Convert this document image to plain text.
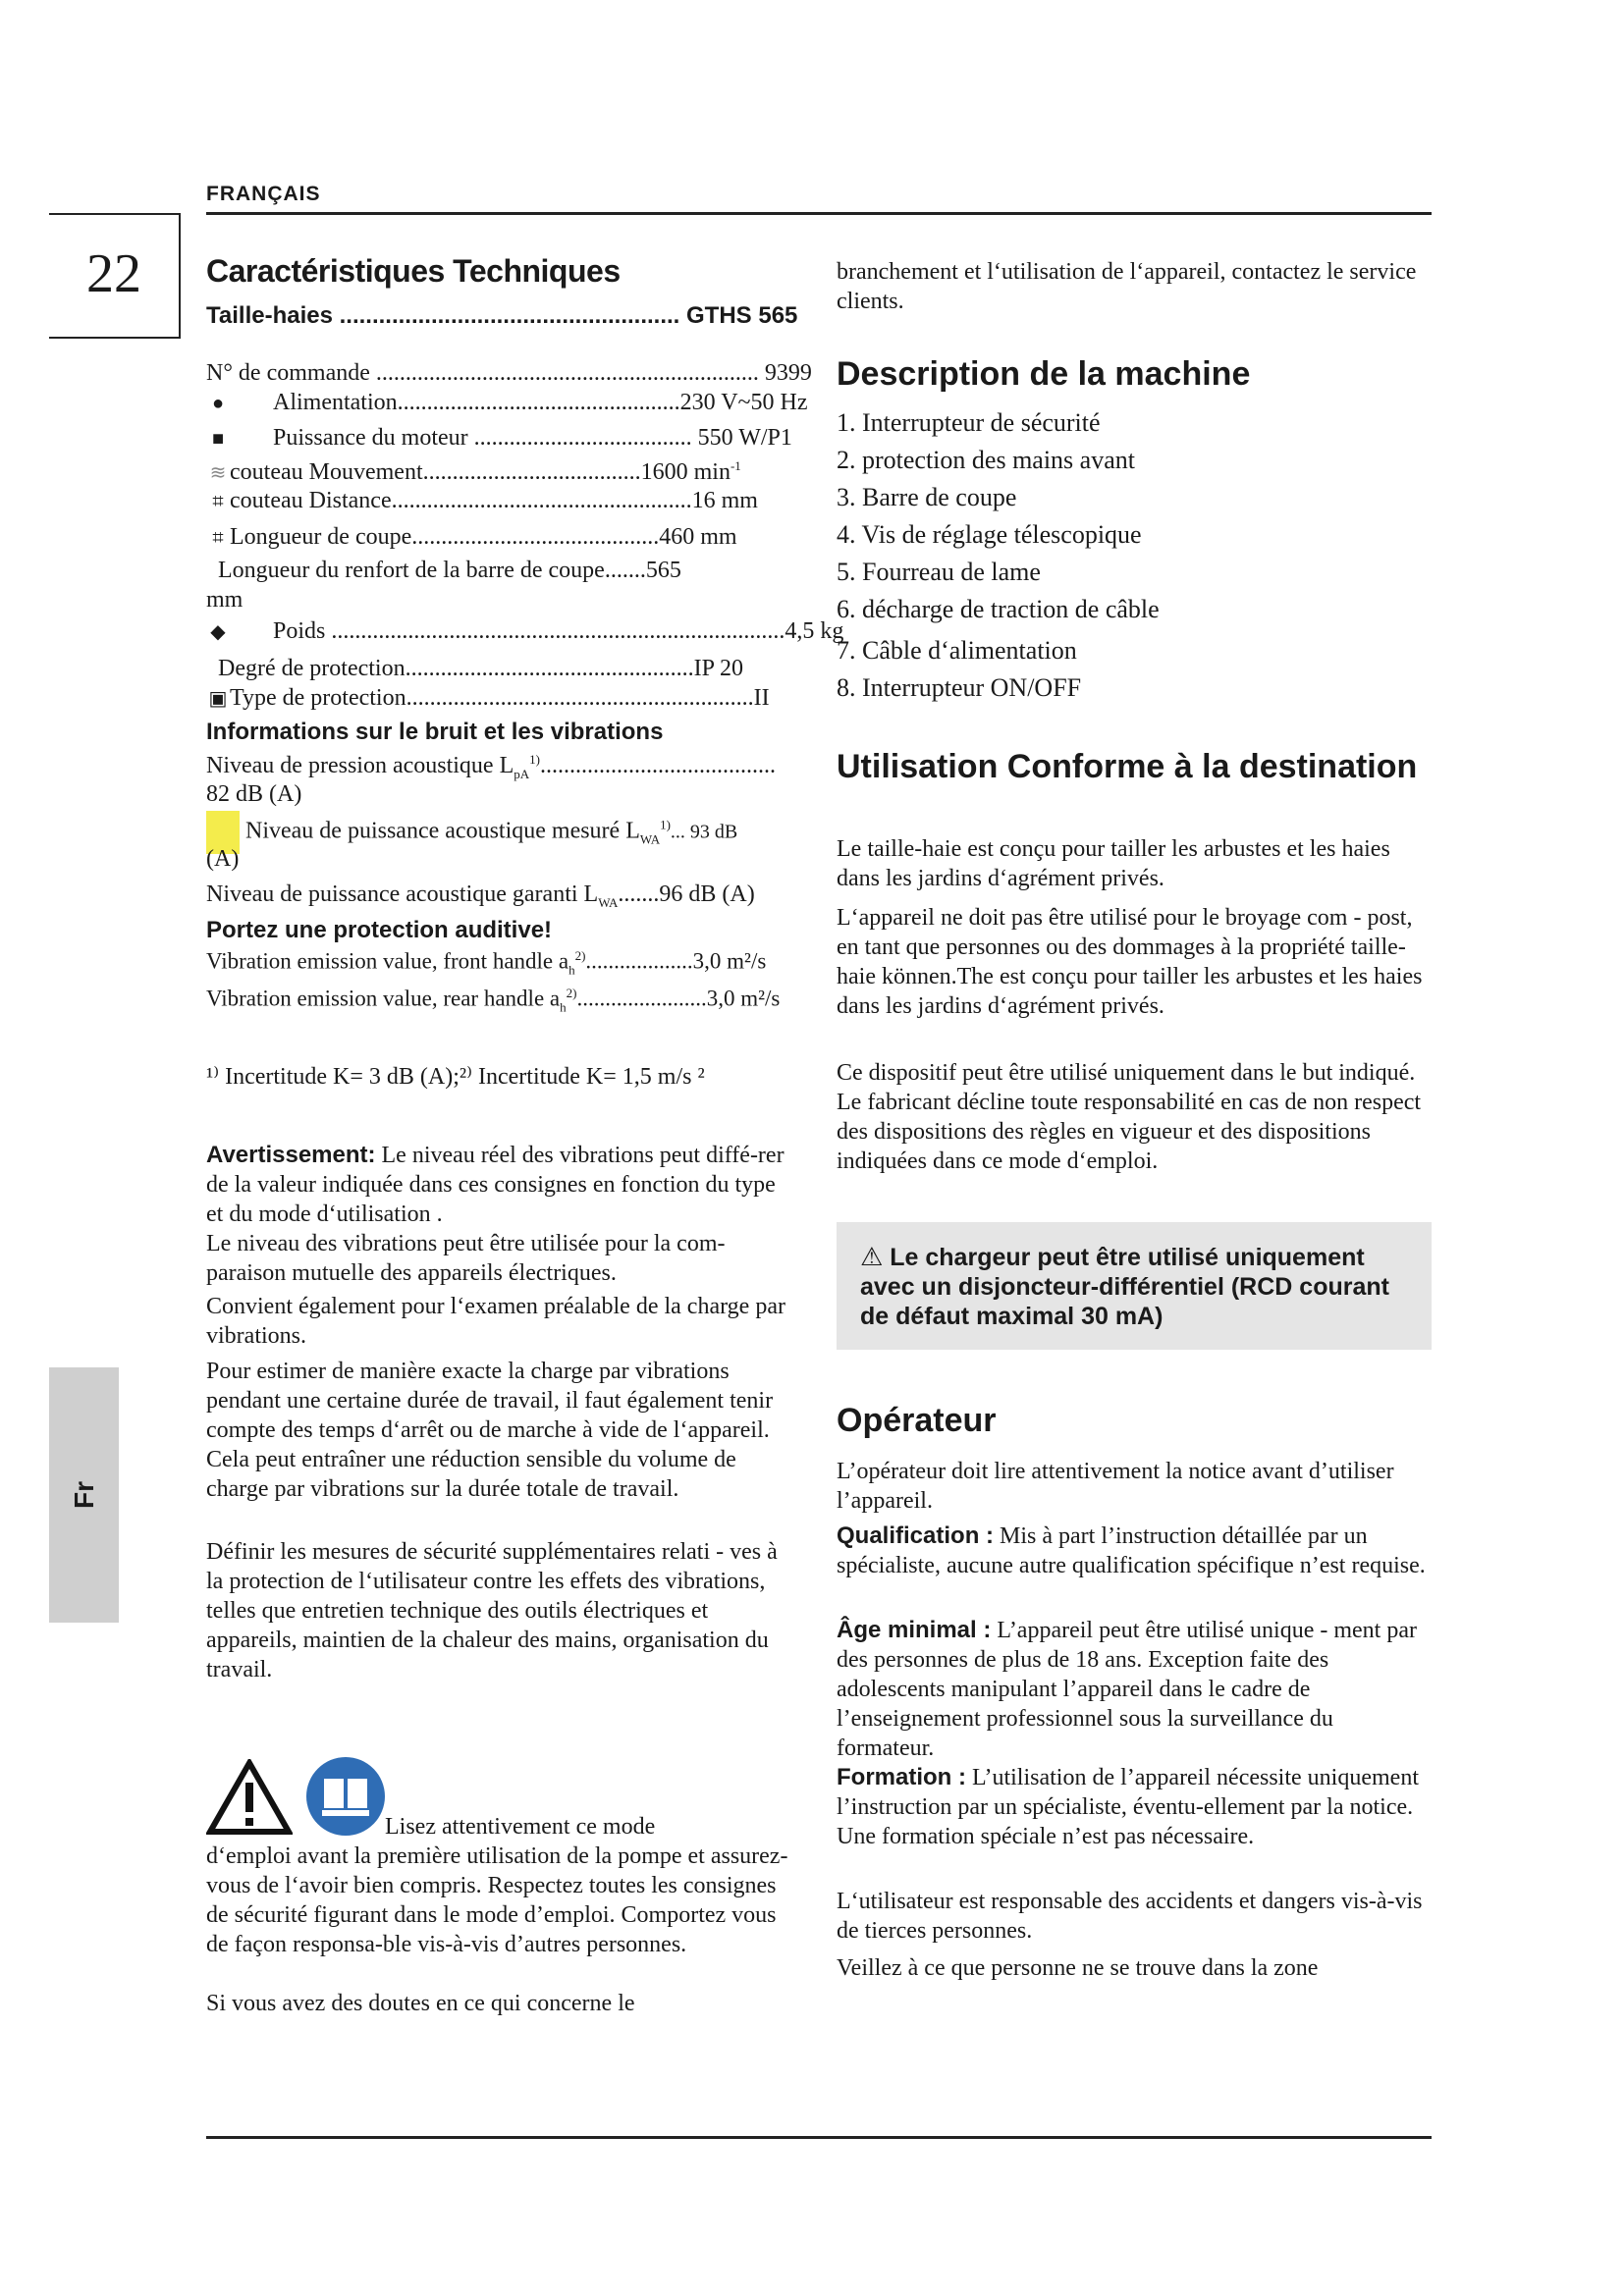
FRANÇAIS
22
Fr
Caractéristiques Techniques
Taille-haies .................................................... GTHS 565
N° de commande ................................................................. 9399
● Alimentation................................................230 V~50 Hz
■ Puissance du moteur ..................................... 550 W/P1
≋ couteau Mouvement.....................................1600 $\min^{-1}$
⌗ couteau Distance...................................................16 mm
⌗ Longueur de coupe..........................................460 mm
Longueur du renfort de la barre de coupe.......565
mm
◆ Poids .............................................................................4,5 kg
Degré de protection.................................................IP 20
▣ Type de protection...........................................................II
Informations sur le bruit et les vibrations
Niveau de pression acoustique $L_{pA}^{1)}$........................................
82 dB (A)
Niveau de puissance acoustique mesuré $L_{WA}^{1)}$... 93 dB
(A)
Niveau de puissance acoustique garanti $L_{WA}.......96$ dB (A)
Portez une protection auditive!
Vibration emission value, front handle $a_h^{2)}...................3,0$ m²/s
Vibration emission value, rear handle $a_h^{2)}.......................3,0$ m²/s
¹⁾ Incertitude K= 3 dB (A);²⁾ Incertitude K= 1,5 m/s ²
Avertissement: Le niveau réel des vibrations peut diffé-rer de la valeur indiquée dans ces consignes en fonction du type et du mode d‘utilisation .
Le niveau des vibrations peut être utilisée pour la com-paraison mutuelle des appareils électriques.
Convient également pour l‘examen préalable de la charge par vibrations.
Pour estimer de manière exacte la charge par vibrations pendant une certaine durée de travail, il faut également tenir compte des temps d‘arrêt ou de marche à vide de l‘appareil. Cela peut entraîner une réduction sensible du volume de charge par vibrations sur la durée totale de travail.
Définir les mesures de sécurité supplémentaires relati - ves à la protection de l‘utilisateur contre les effets des vibrations, telles que entretien technique des outils électriques et appareils, maintien de la chaleur des mains, organisation du travail.
Lisez attentivement ce mode
d‘emploi avant la première utilisation de la pompe et assurez-vous de l‘avoir bien compris. Respectez toutes les consignes de sécurité figurant dans le mode d’emploi. Comportez vous de façon responsa-ble vis-à-vis d’autres personnes.
Si vous avez des doutes en ce qui concerne le
branchement et l‘utilisation de l‘appareil, contactez le service clients.
Description de la machine
1. Interrupteur de sécurité
2. protection des mains avant
3. Barre de coupe
4. Vis de réglage télescopique
5. Fourreau de lame
6. décharge de traction de câble
7. Câble d‘alimentation
8. Interrupteur ON/OFF
Utilisation Conforme à la destination
Le taille-haie est conçu pour tailler les arbustes et les haies dans les jardins d‘agrément privés.
L‘appareil ne doit pas être utilisé pour le broyage com - post, en tant que personnes ou des dommages à la propriété taille-haie können.The est conçu pour tailler les arbustes et les haies dans les jardins d‘agrément privés.
Ce dispositif peut être utilisé uniquement dans le but indiqué. Le fabricant décline toute responsabilité en cas de non respect des dispositions des règles en vigueur et des dispositions indiquées dans ce mode d‘emploi.
⚠ Le chargeur peut être utilisé uniquement avec un disjoncteur-différentiel (RCD courant de défaut maximal 30 mA)
Opérateur
L’opérateur doit lire attentivement la notice avant d’utiliser l’appareil.
Qualification : Mis à part l’instruction détaillée par un spécialiste, aucune autre qualification spécifique n’est requise.
Âge minimal : L’appareil peut être utilisé unique - ment par des personnes de plus de 18 ans. Exception faite des adolescents manipulant l’appareil dans le cadre de l’enseignement professionnel sous la surveillance du formateur.
Formation : L’utilisation de l’appareil nécessite uniquement l’instruction par un spécialiste, éventu-ellement par la notice. Une formation spéciale n’est pas nécessaire.
L‘utilisateur est responsable des accidents et dangers vis-à-vis de tierces personnes.
Veillez à ce que personne ne se trouve dans la zone
